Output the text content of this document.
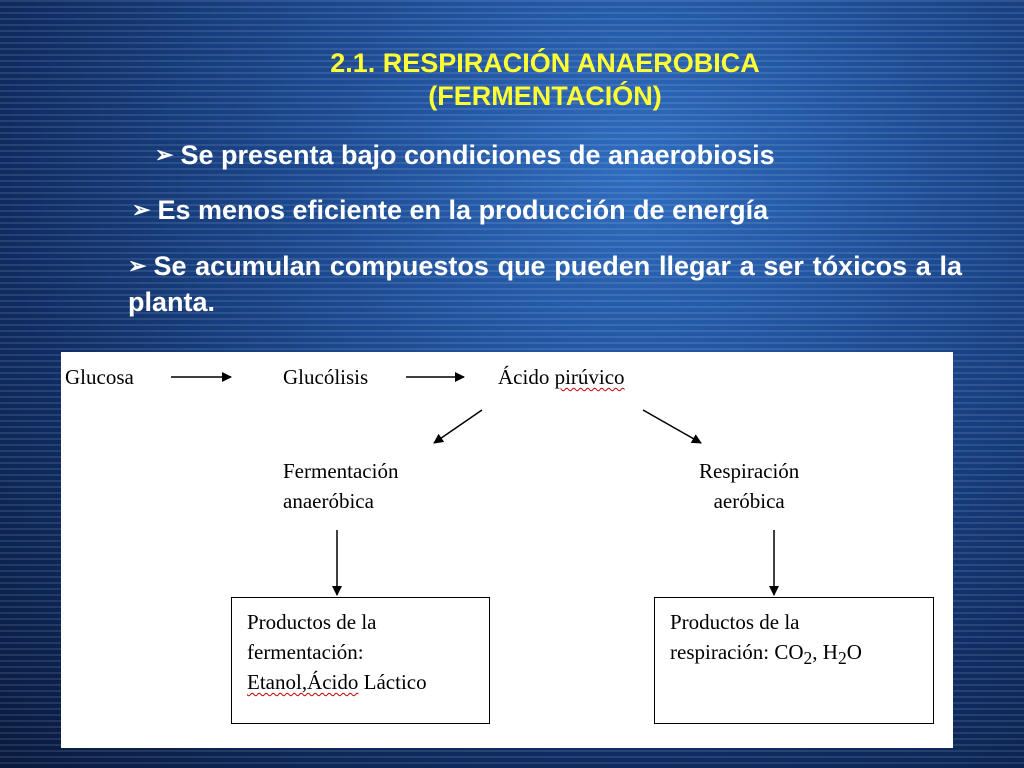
2.1. RESPIRACIÓN ANAEROBICA
(FERMENTACIÓN)
➢ Se presenta bajo condiciones de anaerobiosis
➢ Es menos eficiente en la producción de energía
➢ Se acumulan compuestos que pueden llegar a ser tóxicos a la planta.
Glucosa	Glucólisis	Ácido pirúvico
Fermentación
anaeróbica
Respiración
aeróbica
Productos de la
fermentación:
Etanol,Ácido Láctico
Productos de la
respiración: $CO_2$, $H_2O$
